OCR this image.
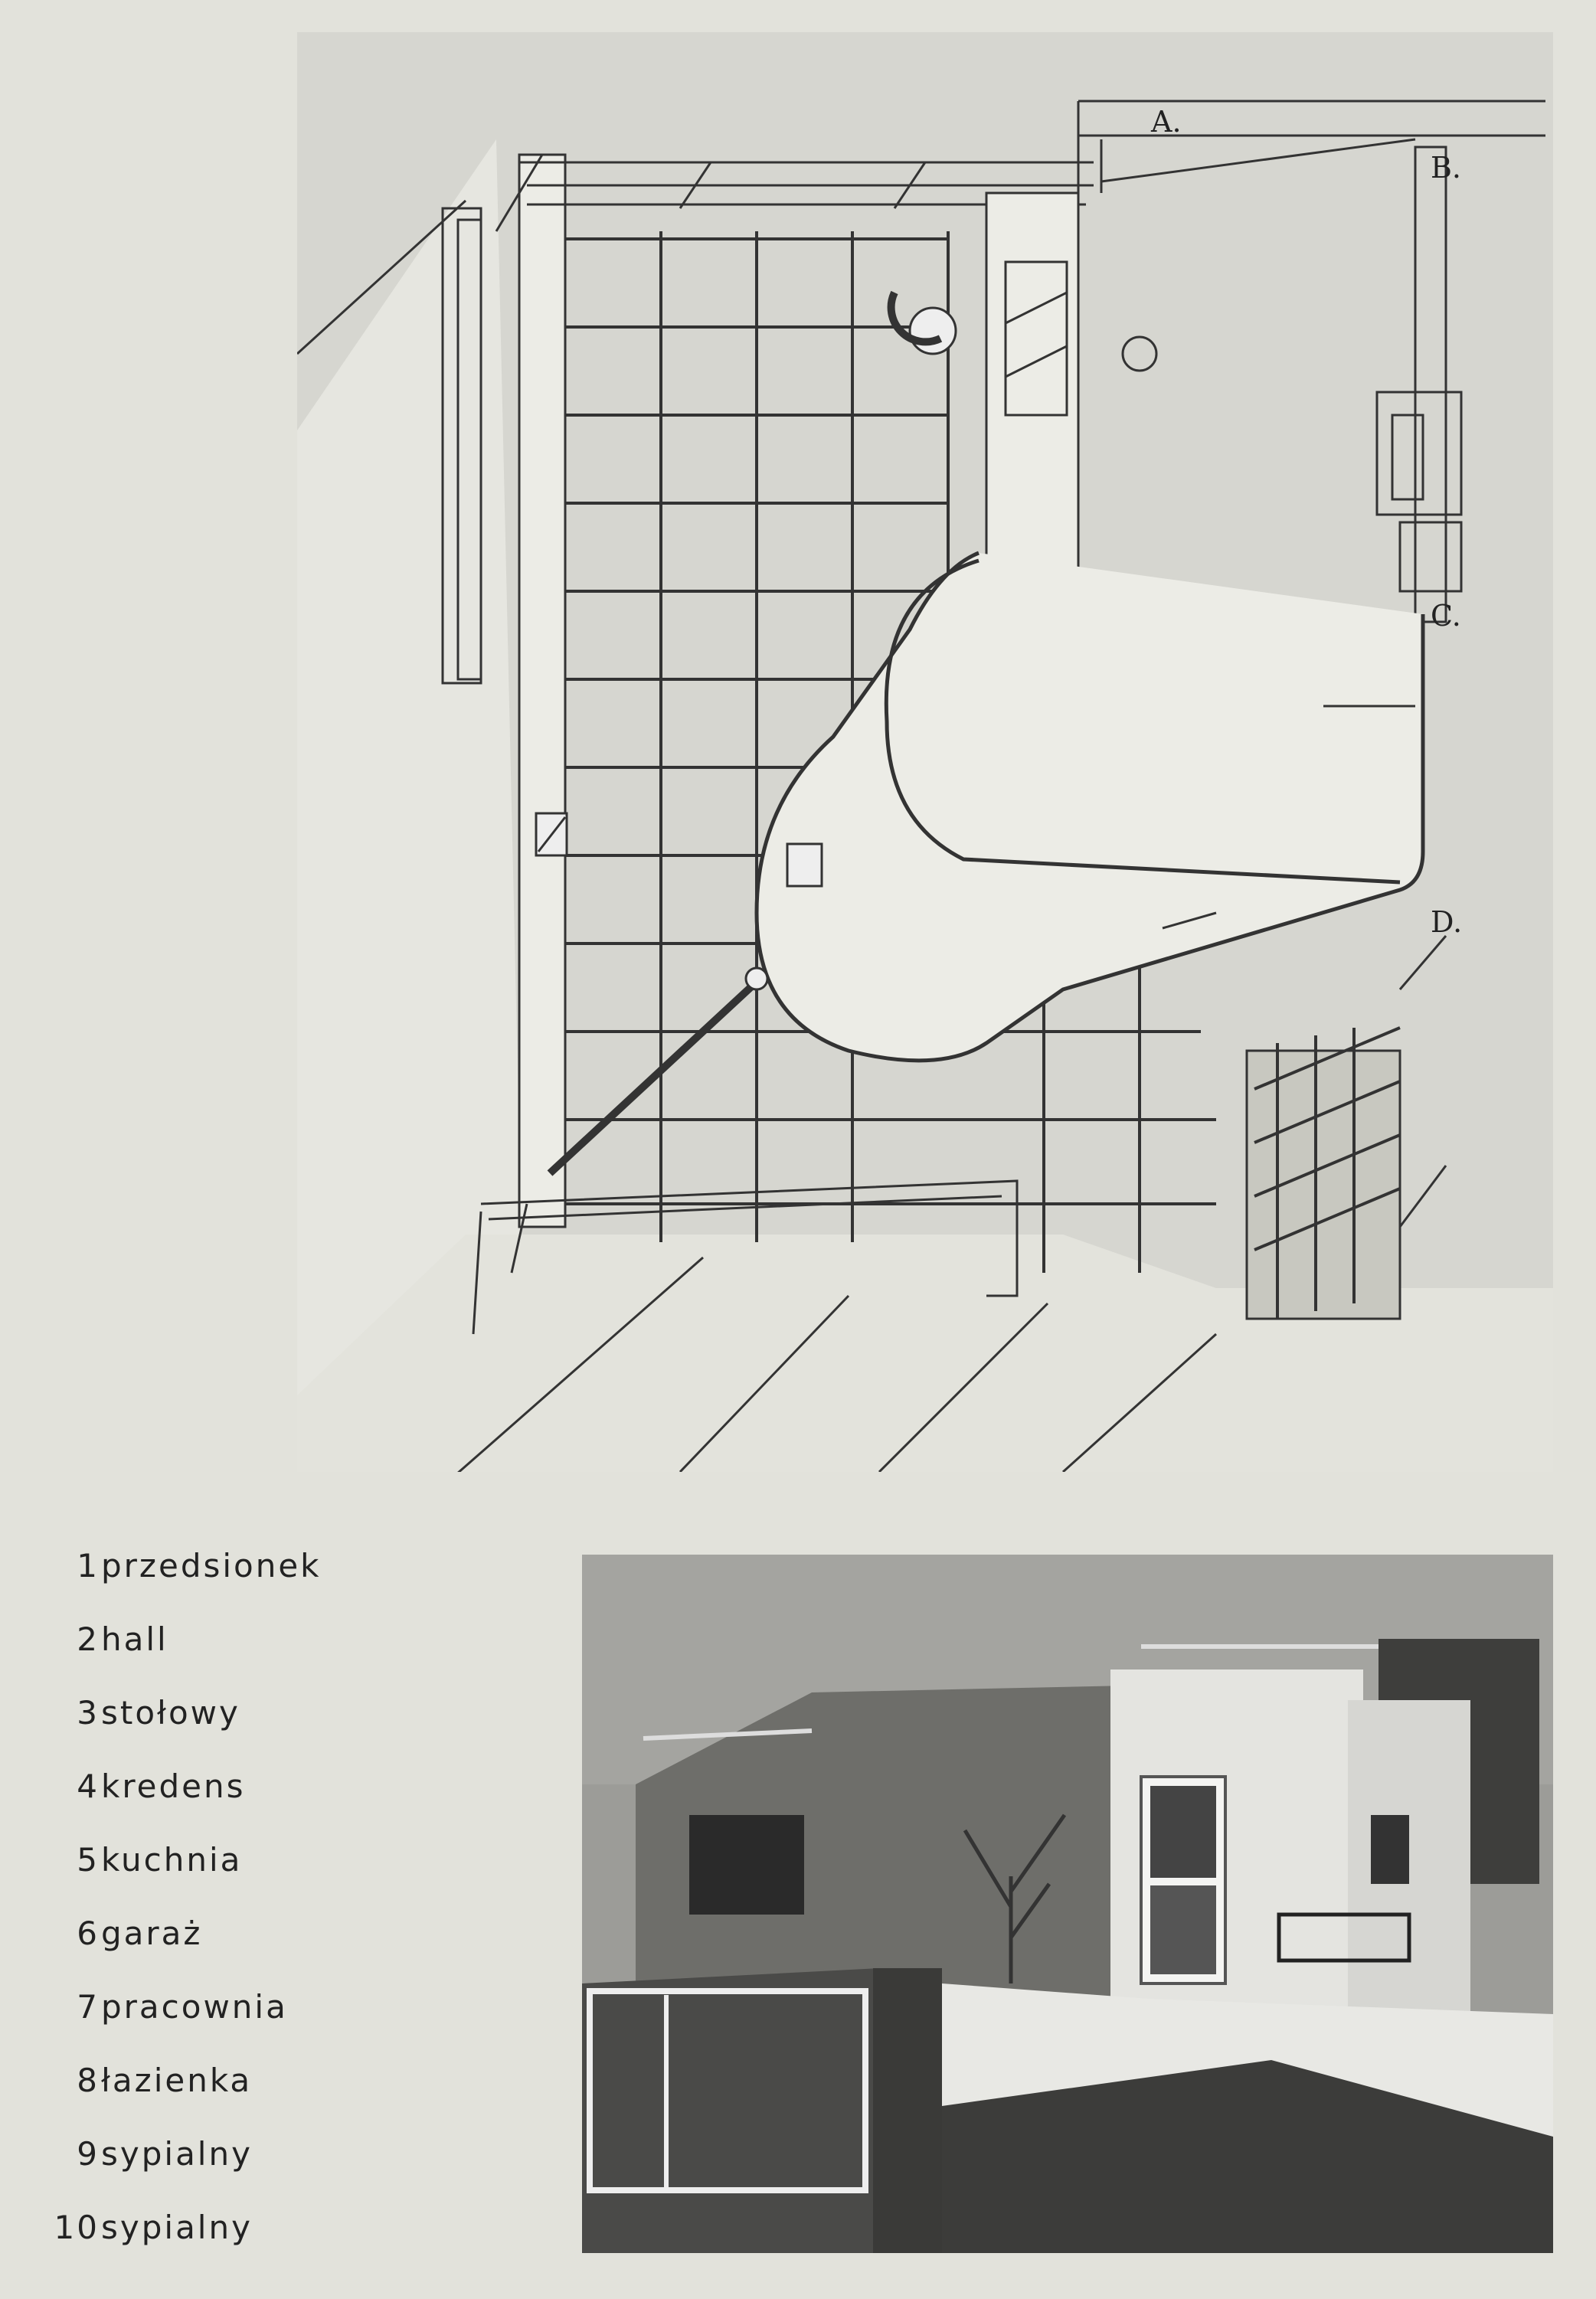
A.
B.
C.
D.
1 przedsionek
2 hall
3 stołowy
4 kredens
5 kuchnia
6 garaż
7 pracownia
8 łazienka
9 sypialny
10 sypialny
